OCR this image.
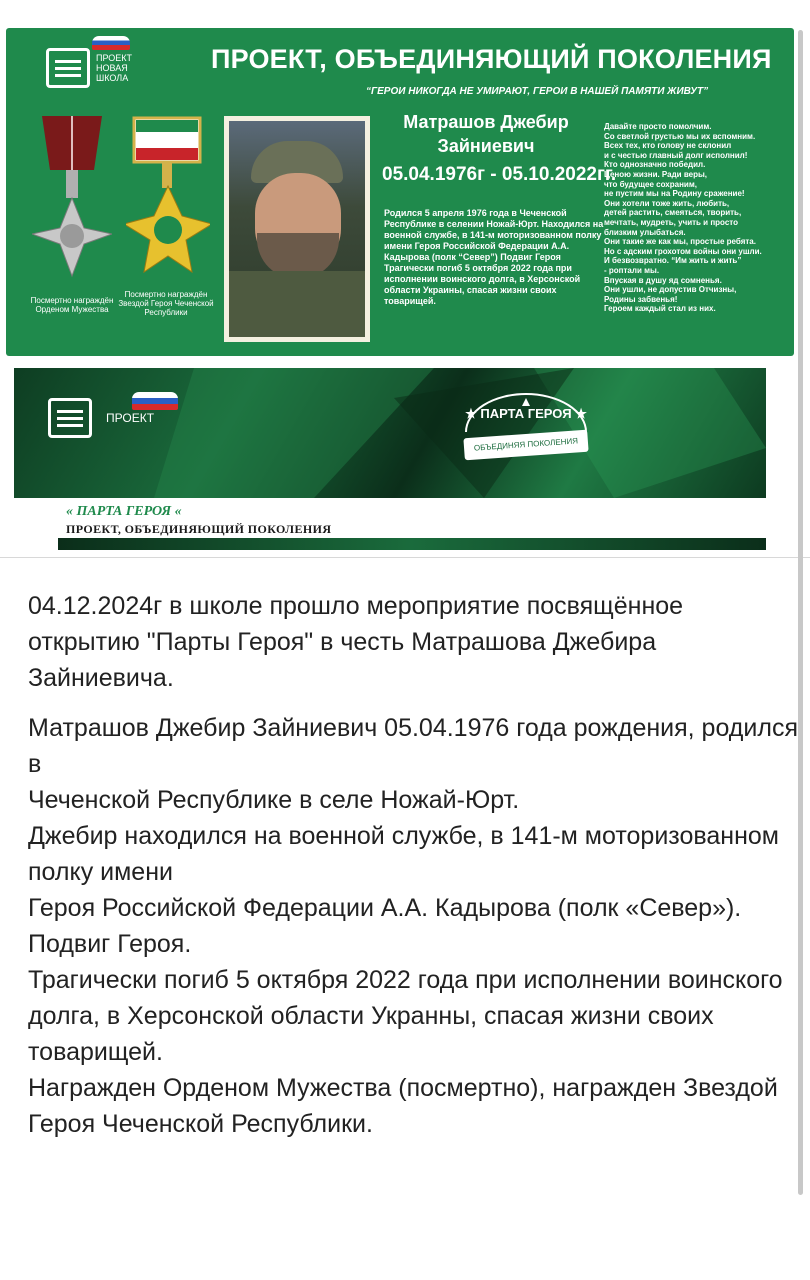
ПРОЕКТ НОВАЯ ШКОЛА
ПРОЕКТ, ОБЪЕДИНЯЮЩИЙ ПОКОЛЕНИЯ
“ГЕРОИ НИКОГДА НЕ УМИРАЮТ, ГЕРОИ В НАШЕЙ ПАМЯТИ ЖИВУТ”
Посмертно награждён Орденом Мужества
Посмертно награждён Звездой Героя Чеченской Республики
Матрашов Джебир Зайниевич
05.04.1976г - 05.10.2022гг.
Родился 5 апреля 1976 года в Чеченской Республике в селении Ножай-Юрт. Находился на военной службе, в 141-м моторизованном полку имени Героя Российской Федерации А.А. Кадырова (полк “Север”) Подвиг Героя Трагически погиб 5 октября 2022 года при исполнении воинского долга, в Херсонской области Украины, спасая жизни своих товарищей.
Давайте просто помолчим.
Со светлой грустью мы их вспомним.
Всех тех, кто голову не склонил
и с честью главный долг исполнил!
Кто однозначно победил.
Ценою жизни. Ради веры,
что будущее сохраним,
не пустим мы на Родину сражение!
Они хотели тоже жить, любить,
детей растить, смеяться, творить,
мечтать, мудреть, учить и просто
близким улыбаться.
Они такие же как мы, простые ребята.
Но с адским грохотом войны они ушли.
И безвозвратно. “Им жить и жить”
- роптали мы.
Впуская в душу яд сомненья.
Они ушли, не допустив Отчизны,
Родины забвенья!
Героем каждый стал из них.
ПРОЕКТ	★ ПАРТА ГЕРОЯ ★
ОБЪЕДИНЯЯ ПОКОЛЕНИЯ
« ПАРТА ГЕРОЯ «
ПРОЕКТ, ОБЪЕДИНЯЮЩИЙ ПОКОЛЕНИЯ

04.12.2024г в школе прошло мероприятие посвящённое открытию "Парты Героя" в честь Матрашова Джебира Зайниевича.

Матрашов Джебир Зайниевич 05.04.1976 года рождения, родился в
Чеченской Республике в селе Ножай-Юрт.
Джебир находился на военной службе, в 141-м моторизованном полку имени
Героя Российской Федерации А.А. Кадырова (полк «Север»).
Подвиг Героя.
Трагически погиб 5 октября 2022 года при исполнении воинского долга, в Херсонской области Укранны, спасая жизни своих товарищей.
Награжден Орденом Мужества (посмертно), награжден Звездой Героя Чеченской Республики.
